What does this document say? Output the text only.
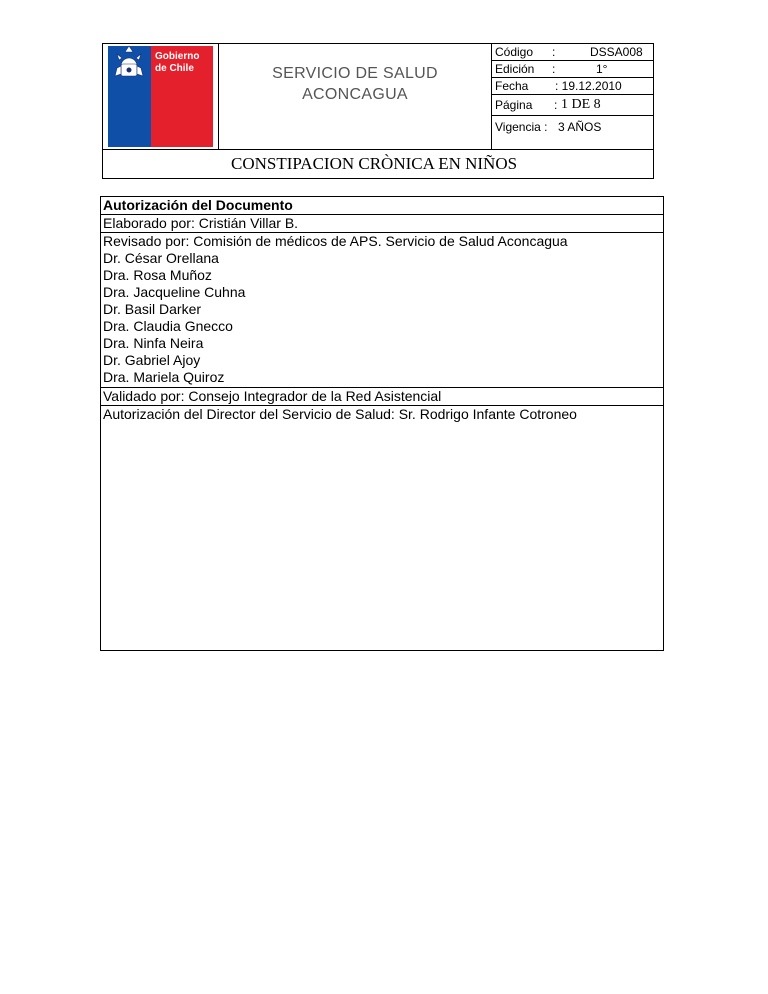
Gobierno
de Chile	SERVICIO DE SALUD
ACONCAGUA
Código :	DSSA008
Edición :	1°
Fecha : 19.12.2010
Página : 1 DE 8
Vigencia : 3 AÑOS
CONSTIPACION CRÒNICA EN NIÑOS
Autorización del Documento
Elaborado por: Cristián Villar B.
Revisado por: Comisión de médicos de APS. Servicio de Salud Aconcagua
Dr. César Orellana
Dra. Rosa Muñoz
Dra. Jacqueline Cuhna
Dr. Basil Darker
Dra. Claudia Gnecco
Dra. Ninfa Neira
Dr. Gabriel Ajoy
Dra. Mariela Quiroz
Validado por: Consejo Integrador de la Red Asistencial
Autorización del Director del Servicio de Salud: Sr. Rodrigo Infante Cotroneo
